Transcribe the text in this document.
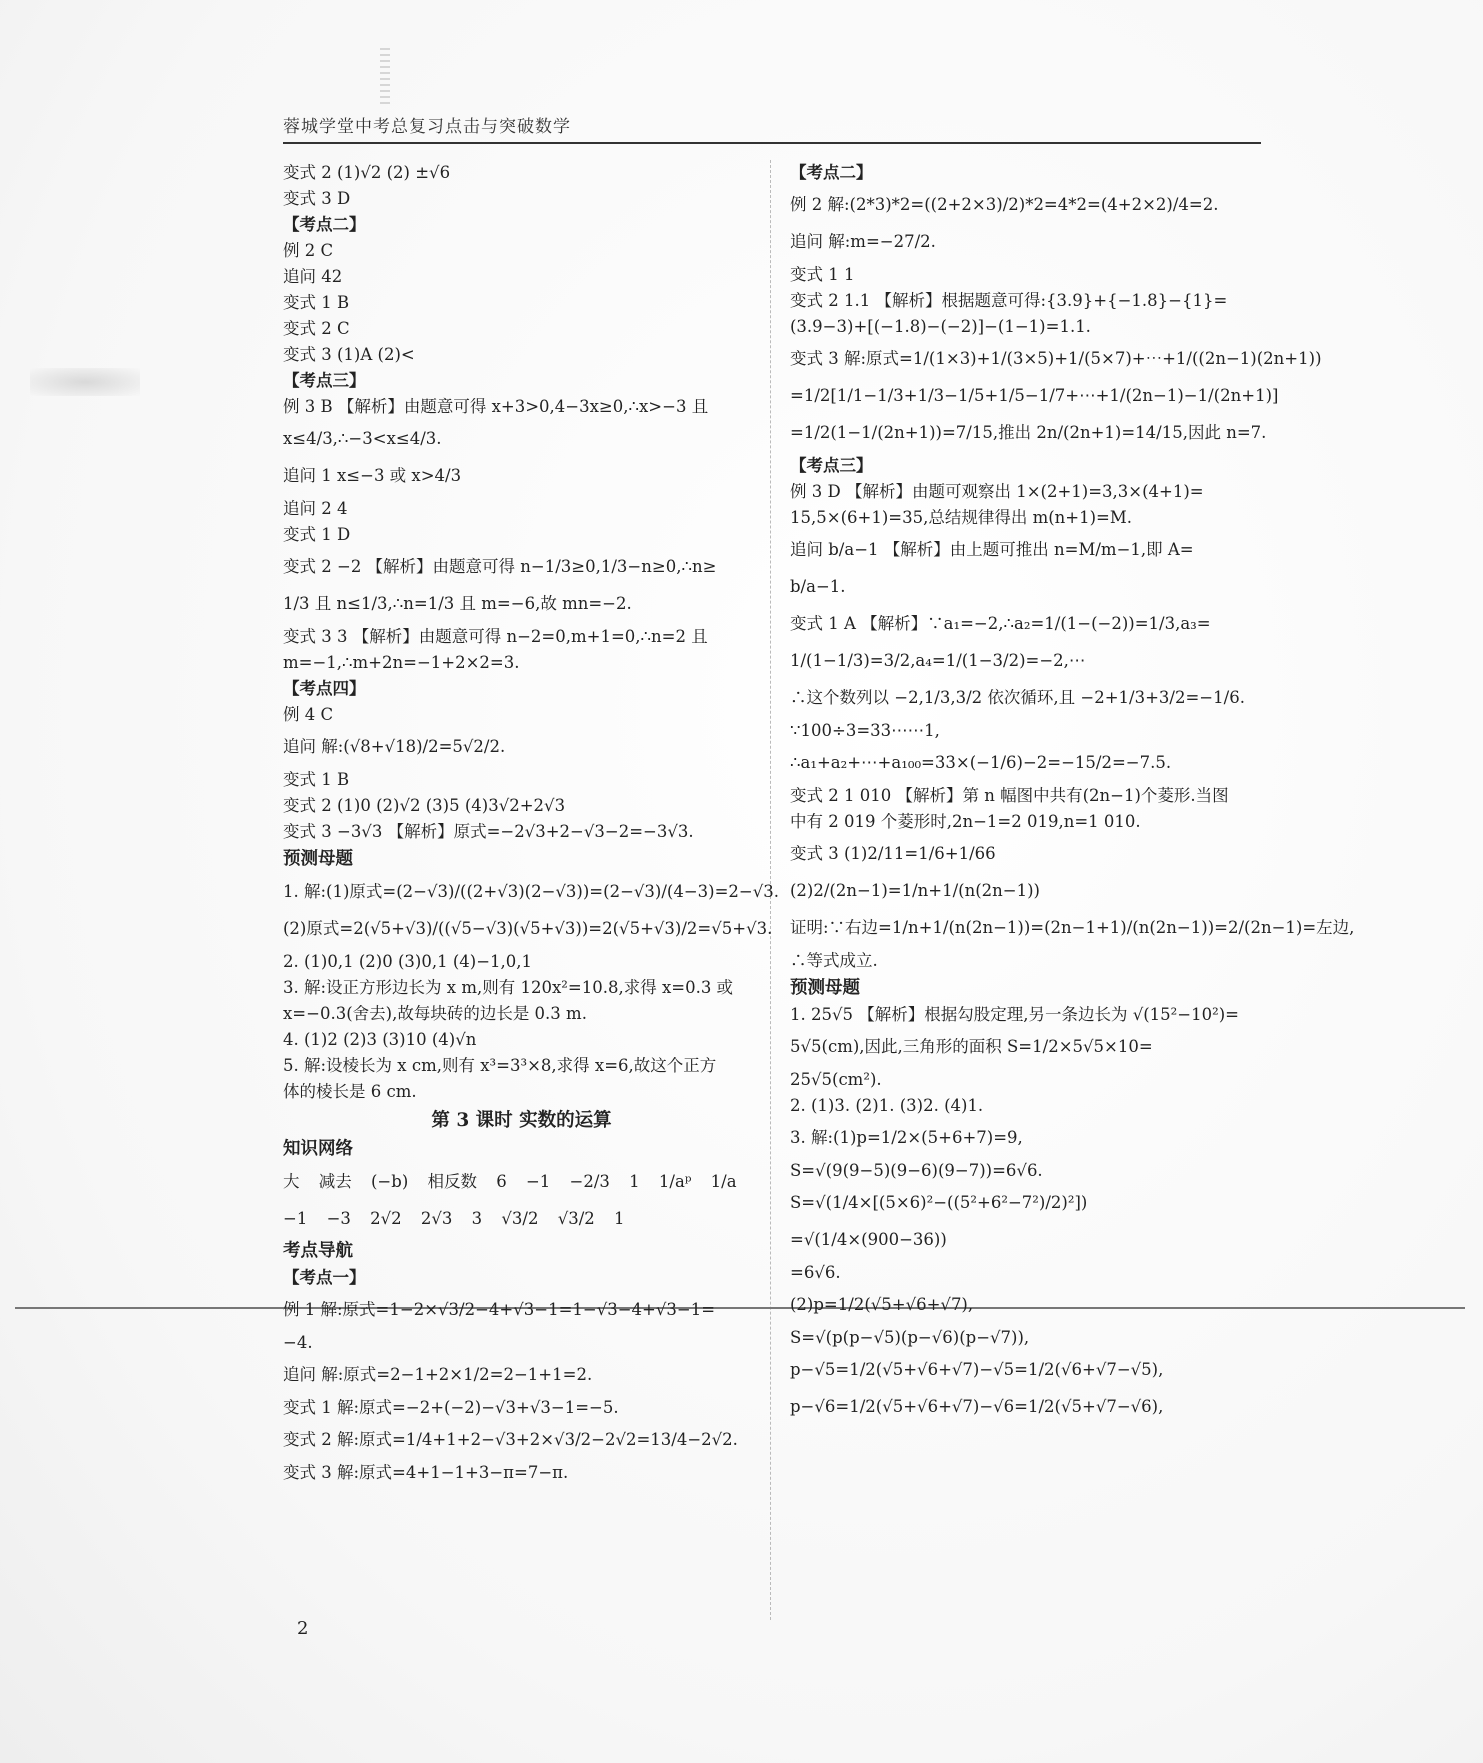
蓉城学堂中考总复习点击与突破数学
变式 2 (1)√2 (2) ±√6
变式 3 D
【考点二】
例 2 C
追问 42
变式 1 B
变式 2 C
变式 3 (1)A (2)<
【考点三】
例 3 B 【解析】由题意可得 x+3>0,4−3x≥0,∴x>−3 且
x≤4/3,∴−3<x≤4/3.
追问 1 x≤−3 或 x>4/3
追问 2 4
变式 1 D
变式 2 −2 【解析】由题意可得 n−1/3≥0,1/3−n≥0,∴n≥
1/3 且 n≤1/3,∴n=1/3 且 m=−6,故 mn=−2.
变式 3 3 【解析】由题意可得 n−2=0,m+1=0,∴n=2 且
m=−1,∴m+2n=−1+2×2=3.
【考点四】
例 4 C
追问 解:(√8+√18)/2=5√2/2.
变式 1 B
变式 2 (1)0 (2)√2 (3)5 (4)3√2+2√3
变式 3 −3√3 【解析】原式=−2√3+2−√3−2=−3√3.
预测母题
1. 解:(1)原式=(2−√3)/((2+√3)(2−√3))=(2−√3)/(4−3)=2−√3.
(2)原式=2(√5+√3)/((√5−√3)(√5+√3))=2(√5+√3)/2=√5+√3.
2. (1)0,1 (2)0 (3)0,1 (4)−1,0,1
3. 解:设正方形边长为 x m,则有 120x²=10.8,求得 x=0.3 或
x=−0.3(舍去),故每块砖的边长是 0.3 m.
4. (1)2 (2)3 (3)10 (4)√n
5. 解:设棱长为 x cm,则有 x³=3³×8,求得 x=6,故这个正方
体的棱长是 6 cm.
第 3 课时 实数的运算
知识网络
大 减去 (−b) 相反数 6 −1 −2/3 1 1/aᵖ 1/a
−1 −3 2√2 2√3 3 √3/2 √3/2 1
考点导航
【考点一】
例 1 解:原式=1−2×√3/2−4+√3−1=1−√3−4+√3−1=
−4.
追问 解:原式=2−1+2×1/2=2−1+1=2.
变式 1 解:原式=−2+(−2)−√3+√3−1=−5.
变式 2 解:原式=1/4+1+2−√3+2×√3/2−2√2=13/4−2√2.
变式 3 解:原式=4+1−1+3−π=7−π.
【考点二】
例 2 解:(2*3)*2=((2+2×3)/2)*2=4*2=(4+2×2)/4=2.
追问 解:m=−27/2.
变式 1 1
变式 2 1.1 【解析】根据题意可得:{3.9}+{−1.8}−{1}=
(3.9−3)+[(−1.8)−(−2)]−(1−1)=1.1.
变式 3 解:原式=1/(1×3)+1/(3×5)+1/(5×7)+⋯+1/((2n−1)(2n+1))
=1/2[1/1−1/3+1/3−1/5+1/5−1/7+⋯+1/(2n−1)−1/(2n+1)]
=1/2(1−1/(2n+1))=7/15,推出 2n/(2n+1)=14/15,因此 n=7.
【考点三】
例 3 D 【解析】由题可观察出 1×(2+1)=3,3×(4+1)=
15,5×(6+1)=35,总结规律得出 m(n+1)=M.
追问 b/a−1 【解析】由上题可推出 n=M/m−1,即 A=
b/a−1.
变式 1 A 【解析】∵a₁=−2,∴a₂=1/(1−(−2))=1/3,a₃=
1/(1−1/3)=3/2,a₄=1/(1−3/2)=−2,⋯
∴这个数列以 −2,1/3,3/2 依次循环,且 −2+1/3+3/2=−1/6.
∵100÷3=33⋯⋯1,
∴a₁+a₂+⋯+a₁₀₀=33×(−1/6)−2=−15/2=−7.5.
变式 2 1 010 【解析】第 n 幅图中共有(2n−1)个菱形.当图
中有 2 019 个菱形时,2n−1=2 019,n=1 010.
变式 3 (1)2/11=1/6+1/66
(2)2/(2n−1)=1/n+1/(n(2n−1))
证明:∵右边=1/n+1/(n(2n−1))=(2n−1+1)/(n(2n−1))=2/(2n−1)=左边,
∴等式成立.
预测母题
1. 25√5 【解析】根据勾股定理,另一条边长为 √(15²−10²)=
5√5(cm),因此,三角形的面积 S=1/2×5√5×10=
25√5(cm²).
2. (1)3. (2)1. (3)2. (4)1.
3. 解:(1)p=1/2×(5+6+7)=9,
S=√(9(9−5)(9−6)(9−7))=6√6.
S=√(1/4×[(5×6)²−((5²+6²−7²)/2)²])
=√(1/4×(900−36))
=6√6.
(2)p=1/2(√5+√6+√7),
S=√(p(p−√5)(p−√6)(p−√7)),
p−√5=1/2(√5+√6+√7)−√5=1/2(√6+√7−√5),
p−√6=1/2(√5+√6+√7)−√6=1/2(√5+√7−√6),
2
